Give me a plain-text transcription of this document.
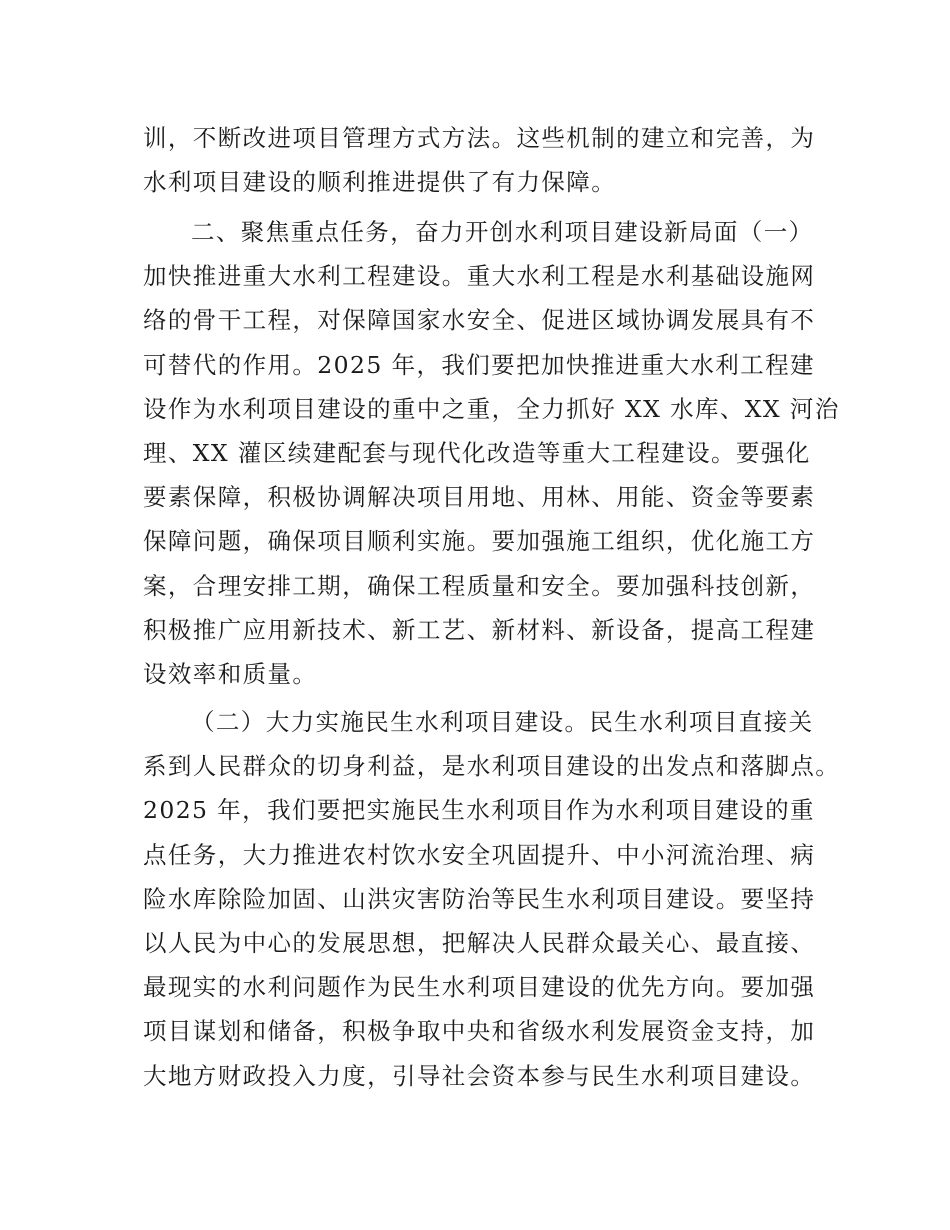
训，不断改进项目管理方式方法。这些机制的建立和完善，为
水利项目建设的顺利推进提供了有力保障。
二、聚焦重点任务，奋力开创水利项目建设新局面（一）
加快推进重大水利工程建设。重大水利工程是水利基础设施网
络的骨干工程，对保障国家水安全、促进区域协调发展具有不
可替代的作用。2025 年，我们要把加快推进重大水利工程建
设作为水利项目建设的重中之重，全力抓好 XX 水库、XX 河治
理、XX 灌区续建配套与现代化改造等重大工程建设。要强化
要素保障，积极协调解决项目用地、用林、用能、资金等要素
保障问题，确保项目顺利实施。要加强施工组织，优化施工方
案，合理安排工期，确保工程质量和安全。要加强科技创新，
积极推广应用新技术、新工艺、新材料、新设备，提高工程建
设效率和质量。
（二）大力实施民生水利项目建设。民生水利项目直接关
系到人民群众的切身利益，是水利项目建设的出发点和落脚点。
2025 年，我们要把实施民生水利项目作为水利项目建设的重
点任务，大力推进农村饮水安全巩固提升、中小河流治理、病
险水库除险加固、山洪灾害防治等民生水利项目建设。要坚持
以人民为中心的发展思想，把解决人民群众最关心、最直接、
最现实的水利问题作为民生水利项目建设的优先方向。要加强
项目谋划和储备，积极争取中央和省级水利发展资金支持，加
大地方财政投入力度，引导社会资本参与民生水利项目建设。
